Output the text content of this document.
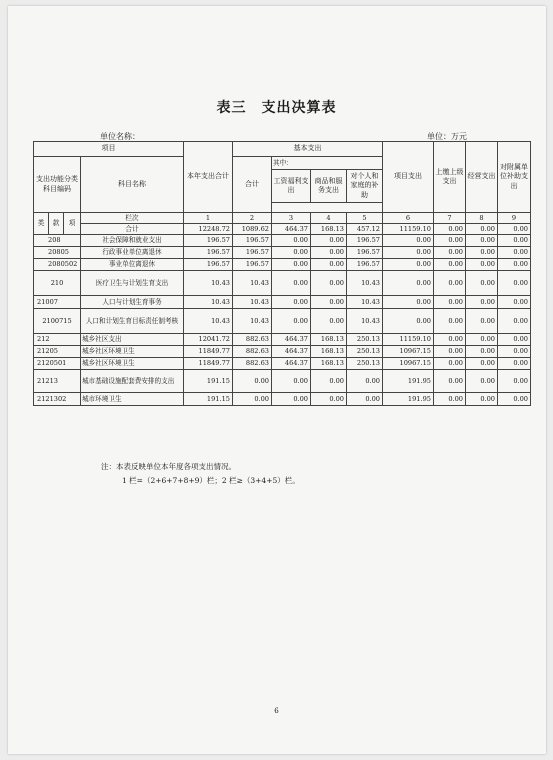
表三　支出决算表
单位名称：	单位：万元
项目				本年支出合计	基本支出				项目支出	上缴上级支出	经营支出	对附属单位补助支出
支出功能分类科目编码			科目名称		合计	其中：						
						工资福利支出	商品和服务支出	对个人和家庭的补助				

类	款	项	栏次	1	2	3	4	5	6	7	8	9
			合计	12248.72	1089.62	464.37	168.13	457.12	11159.10	0.00	0.00	0.00
208			社会保障和就业支出	196.57	196.57	0.00	0.00	196.57	0.00	0.00	0.00	0.00
20805			行政事业单位离退休	196.57	196.57	0.00	0.00	196.57	0.00	0.00	0.00	0.00
2080502			事业单位离退休	196.57	196.57	0.00	0.00	196.57	0.00	0.00	0.00	0.00
210			医疗卫生与计划生育支出	10.43	10.43	0.00	0.00	10.43	0.00	0.00	0.00	0.00
21007			人口与计划生育事务	10.43	10.43	0.00	0.00	10.43	0.00	0.00	0.00	0.00
2100715			人口和计划生育目标责任制考核	10.43	10.43	0.00	0.00	10.43	0.00	0.00	0.00	0.00
212			城乡社区支出	12041.72	882.63	464.37	168.13	250.13	11159.10	0.00	0.00	0.00
21205			城乡社区环境卫生	11849.77	882.63	464.37	168.13	250.13	10967.15	0.00	0.00	0.00
2120501			城乡社区环境卫生	11849.77	882.63	464.37	168.13	250.13	10967.15	0.00	0.00	0.00
21213			城市基础设施配套费安排的支出	191.15	0.00	0.00	0.00	0.00	191.95	0.00	0.00	0.00
2121302			城市环境卫生	191.15	0.00	0.00	0.00	0.00	191.95	0.00	0.00	0.00
注：本表反映单位本年度各项支出情况。
1 栏=（2+6+7+8+9）栏；2 栏≥（3+4+5）栏。
6
